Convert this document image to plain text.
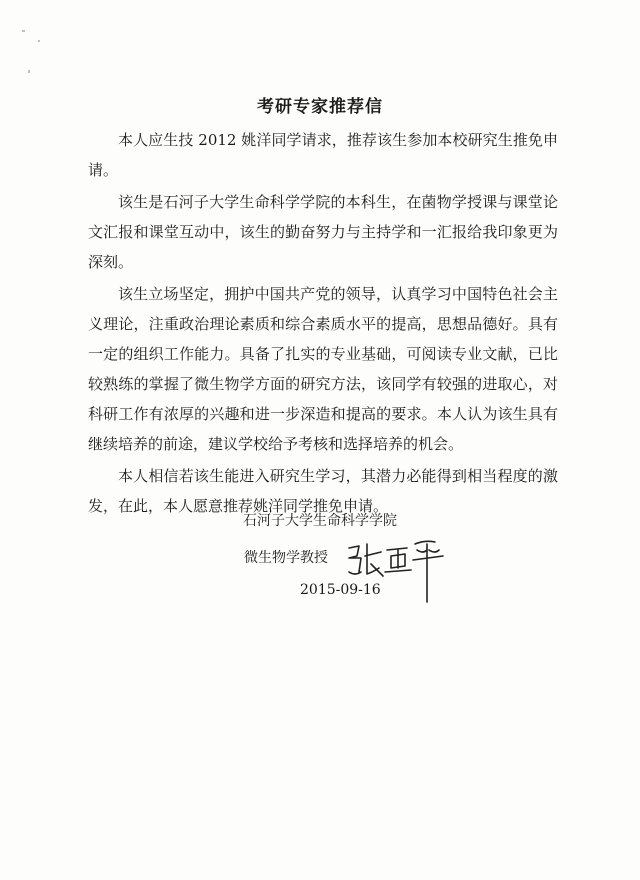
考研专家推荐信

本人应生技 2012 姚洋同学请求，推荐该生参加本校研究生推免申请。

该生是石河子大学生命科学学院的本科生，在菌物学授课与课堂论文汇报和课堂互动中，该生的勤奋努力与主持学和一汇报给我印象更为深刻。

该生立场坚定，拥护中国共产党的领导，认真学习中国特色社会主义理论，注重政治理论素质和综合素质水平的提高，思想品德好。具有一定的组织工作能力。具备了扎实的专业基础，可阅读专业文献，已比较熟练的掌握了微生物学方面的研究方法，该同学有较强的进取心，对科研工作有浓厚的兴趣和进一步深造和提高的要求。本人认为该生具有继续培养的前途，建议学校给予考核和选择培养的机会。

本人相信若该生能进入研究生学习，其潜力必能得到相当程度的激发，在此，本人愿意推荐姚洋同学推免申请。

石河子大学生命科学学院
微生物学教授
2015-09-16
